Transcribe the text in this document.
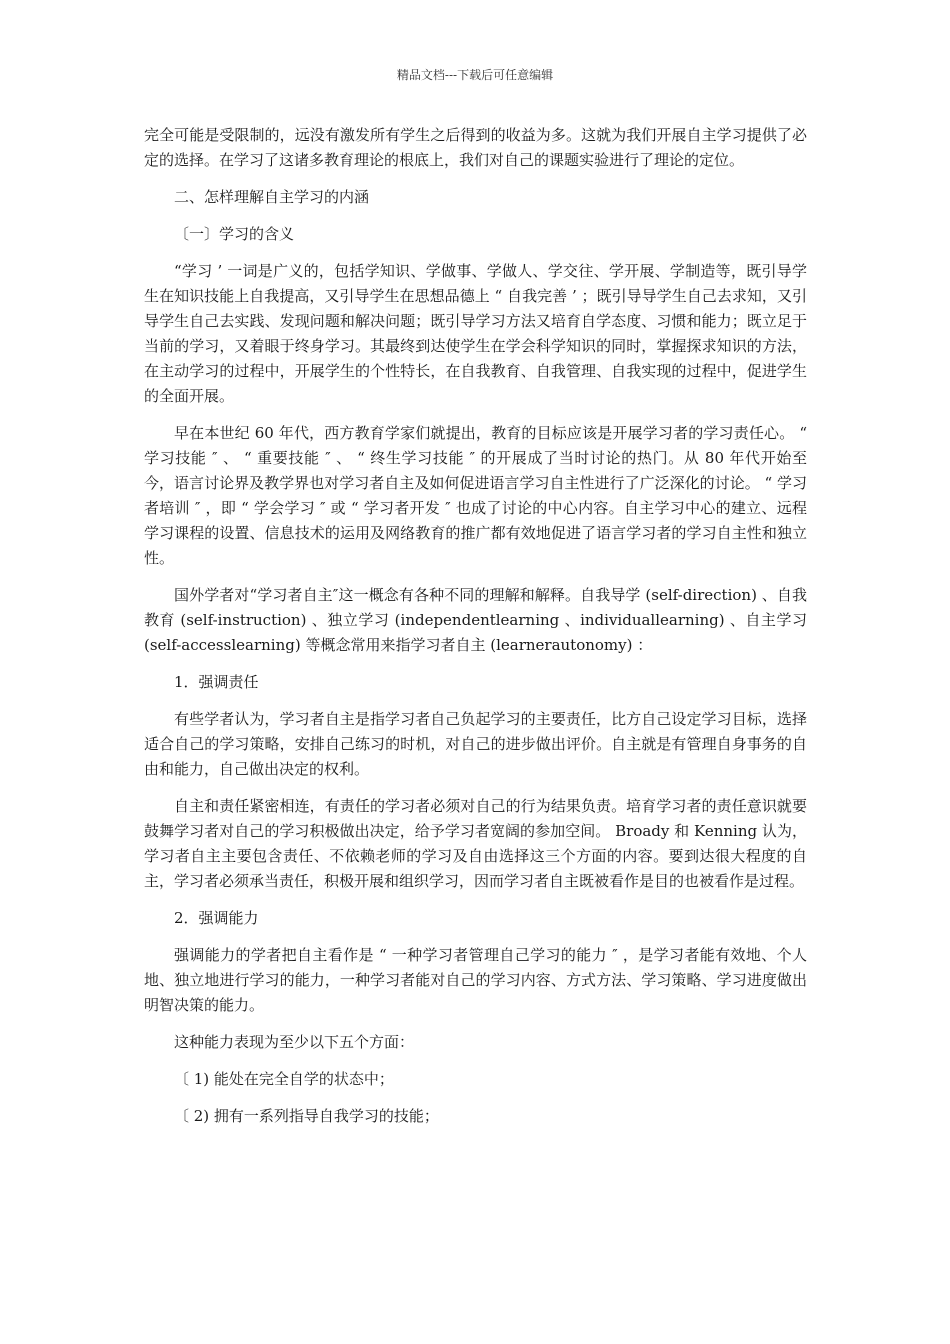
精品文档---下载后可任意编辑

完全可能是受限制的，远没有激发所有学生之后得到的收益为多。这就为我们开展自主学习提供了必定的选择。在学习了这诸多教育理论的根底上，我们对自己的课题实验进行了理论的定位。

二、怎样理解自主学习的内涵

〔一〕学习的含义

“学习 ’ 一词是广义的，包括学知识、学做事、学做人、学交往、学开展、学制造等，既引导学生在知识技能上自我提高，又引导学生在思想品德上 “ 自我完善 ’ ；既引导导学生自己去求知，又引导学生自己去实践、发现问题和解决问题；既引导学习方法又培育自学态度、习惯和能力；既立足于当前的学习，又着眼于终身学习。其最终到达使学生在学会科学知识的同时，掌握探求知识的方法，在主动学习的过程中，开展学生的个性特长，在自我教育、自我管理、自我实现的过程中，促进学生的全面开展。

早在本世纪 60 年代，西方教育学家们就提出，教育的目标应该是开展学习者的学习责任心。 “ 学习技能 ″ 、 “ 重要技能 ″ 、 “ 终生学习技能 ″ 的开展成了当时讨论的热门。从 80 年代开始至今，语言讨论界及教学界也对学习者自主及如何促进语言学习自主性进行了广泛深化的讨论。 “ 学习者培训 ″ ，即 “ 学会学习 ″ 或 “ 学习者开发 ″ 也成了讨论的中心内容。自主学习中心的建立、远程学习课程的设置、信息技术的运用及网络教育的推广都有效地促进了语言学习者的学习自主性和独立性。

国外学者对“学习者自主″这一概念有各种不同的理解和解释。自我导学 (self-direction) 、自我教育 (self-instruction) 、独立学习 (independentlearning 、individuallearning) 、自主学习 (self-accesslearning) 等概念常用来指学习者自主 (learnerautonomy) ：

1．强调责任

有些学者认为，学习者自主是指学习者自己负起学习的主要责任，比方自己设定学习目标，选择适合自己的学习策略，安排自己练习的时机，对自己的进步做出评价。自主就是有管理自身事务的自由和能力，自己做出决定的权利。

自主和责任紧密相连，有责任的学习者必须对自己的行为结果负责。培育学习者的责任意识就要鼓舞学习者对自己的学习积极做出决定，给予学习者宽阔的参加空间。 Broady 和 Kenning 认为，学习者自主主要包含责任、不依赖老师的学习及自由选择这三个方面的内容。要到达很大程度的自主，学习者必须承当责任，积极开展和组织学习，因而学习者自主既被看作是目的也被看作是过程。

2．强调能力

强调能力的学者把自主看作是 “ 一种学习者管理自己学习的能力 ″ ，是学习者能有效地、个人地、独立地进行学习的能力，一种学习者能对自己的学习内容、方式方法、学习策略、学习进度做出明智决策的能力。

这种能力表现为至少以下五个方面：

〔 1) 能处在完全自学的状态中；

〔 2) 拥有一系列指导自我学习的技能；
